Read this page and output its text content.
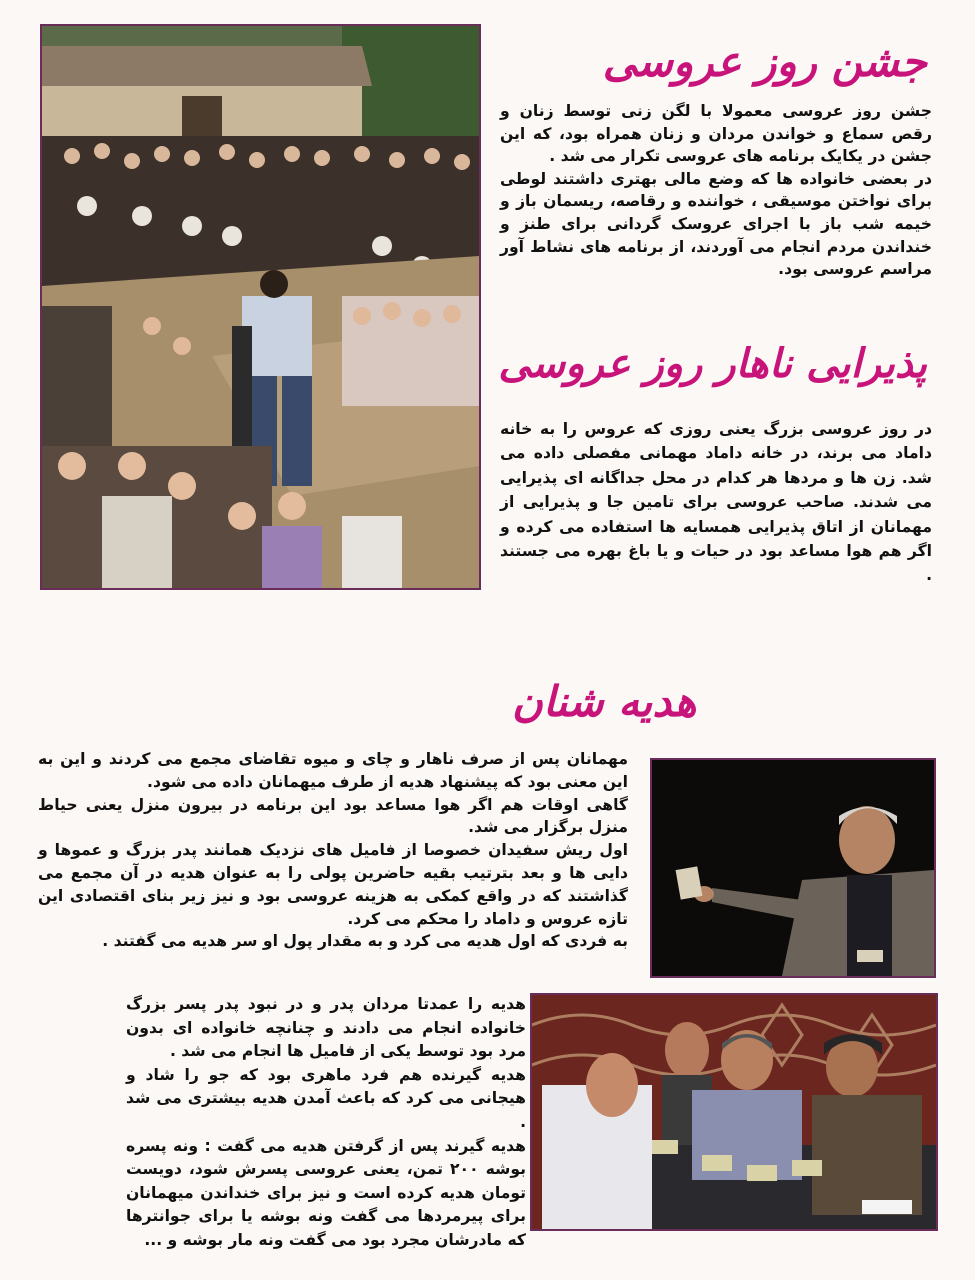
جشن روز عروسی

جشن روز عروسی معمولا با لگن زنی توسط زنان و رقص سماع و خواندن مردان و زنان همراه بود، که این جشن در یکایک برنامه های عروسی تکرار می شد .

در بعضی خانواده ها که وضع مالی بهتری داشتند لوطی برای نواختن موسیقی ، خواننده و رقاصه، ریسمان باز و خیمه شب باز با اجرای عروسک گردانی برای طنز و خنداندن مردم انجام می آوردند، از برنامه های نشاط آور مراسم عروسی بود.

پذیرایی ناهار روز عروسی

در روز عروسی بزرگ یعنی روزی که عروس را به خانه داماد می برند، در خانه داماد مهمانی مفصلی داده می شد. زن ها و مردها هر کدام در محل جداگانه ای پذیرایی می شدند. صاحب عروسی برای تامین جا و پذیرایی از مهمانان از اتاق پذیرایی همسایه ها استفاده می کرده و اگر هم هوا مساعد بود در حیات و یا باغ بهره می جستند .

هدیه شنان

مهمانان پس از صرف ناهار و چای و میوه تقاضای مجمع می کردند و این به این معنی بود که پیشنهاد هدیه از طرف میهمانان داده می شود.

گاهی اوقات هم اگر هوا مساعد بود این برنامه در بیرون منزل یعنی حیاط منزل برگزار می شد.

اول ریش سفیدان خصوصا از فامیل های نزدیک همانند پدر بزرگ و عموها و دایی ها و بعد بترتیب بقیه حاضرین پولی را به عنوان هدیه در آن مجمع می گذاشتند که در واقع کمکی به هزینه عروسی بود و نیز زیر بنای اقتصادی این تازه عروس و داماد را محکم می کرد.

به فردی که اول هدیه می کرد و به مقدار پول او سر هدیه می گفتند .

هدیه را عمدتا مردان پدر و در نبود پدر پسر بزرگ خانواده انجام می دادند و چنانچه خانواده ای بدون مرد بود توسط یکی از فامیل ها انجام می شد .

هدیه گیرنده هم فرد ماهری بود که جو را شاد و هیجانی می کرد که باعث آمدن هدیه بیشتری می شد .

هدیه گیرند پس از گرفتن هدیه می گفت : ونه پسره بوشه ۲۰۰ تمن، یعنی عروسی پسرش شود، دویست تومان هدیه کرده است و نیز برای خنداندن میهمانان برای پیرمردها می گفت ونه بوشه یا برای جوانترها که مادرشان مجرد بود می گفت ونه مار بوشه و ...
